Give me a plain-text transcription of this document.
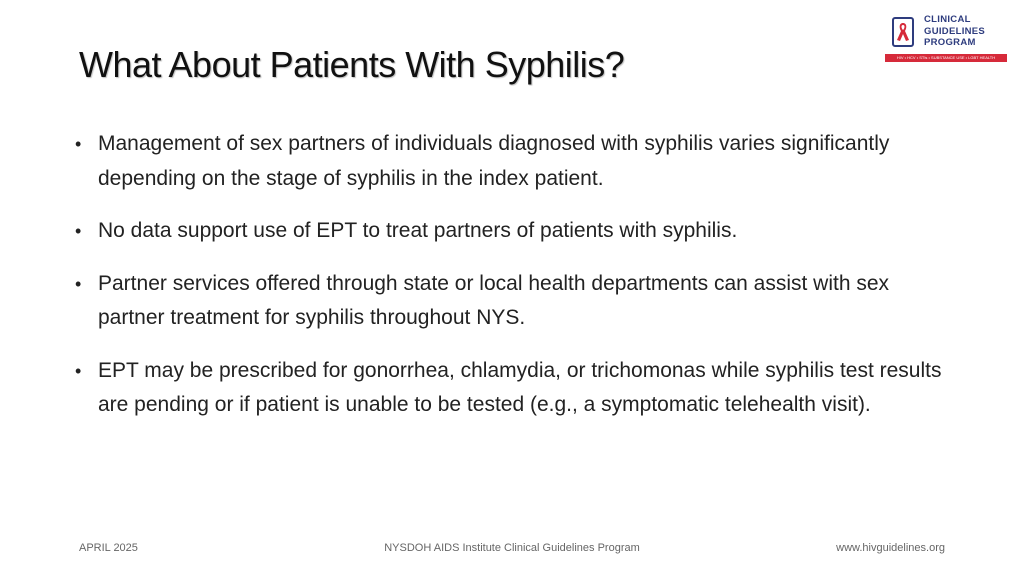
What About Patients With Syphilis?
CLINICAL
GUIDELINES
PROGRAM
HIV • HCV • STIs • SUBSTANCE USE • LGBT HEALTH
• Management of sex partners of individuals diagnosed with syphilis varies significantly depending on the stage of syphilis in the index patient.
• No data support use of EPT to treat partners of patients with syphilis.
• Partner services offered through state or local health departments can assist with sex partner treatment for syphilis throughout NYS.
• EPT may be prescribed for gonorrhea, chlamydia, or trichomonas while syphilis test results are pending or if patient is unable to be tested (e.g., a symptomatic telehealth visit).
APRIL 2025	NYSDOH AIDS Institute Clinical Guidelines Program	www.hivguidelines.org
